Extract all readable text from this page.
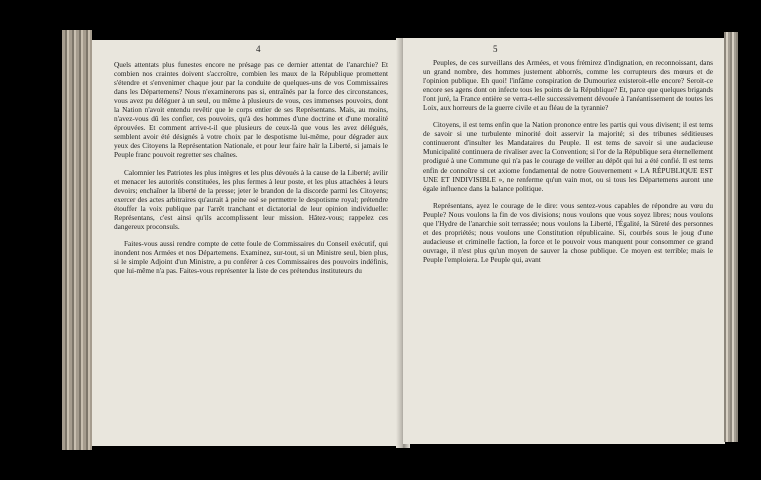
4

Quels attentats plus funestes encore ne présage pas ce dernier attentat de l'anarchie? Et combien nos craintes doivent s'accroître, combien les maux de la République promettent s'étendre et s'envenimer chaque jour par la conduite de quelques-uns de vos Commissaires dans les Départemens? Nous n'examinerons pas si, entraînés par la force des circonstances, vous avez pu déléguer à un seul, ou même à plusieurs de vous, ces immenses pouvoirs, dont la Nation n'avoit entendu revêtir que le corps entier de ses Représentans. Mais, au moins, n'avez-vous dû les confier, ces pouvoirs, qu'à des hommes d'une doctrine et d'une moralité éprouvées. Et comment arrive-t-il que plusieurs de ceux-là que vous les avez délégués, semblent avoir été désignés à votre choix par le despotisme lui-même, pour dégrader aux yeux des Citoyens la Représentation Nationale, et pour leur faire haïr la Liberté, si jamais le Peuple franc pouvoit regretter ses chaînes.

Calomnier les Patriotes les plus intègres et les plus dévoués à la cause de la Liberté; avilir et menacer les autorités constituées, les plus fermes à leur poste, et les plus attachées à leurs devoirs; enchaîner la liberté de la presse; jeter le brandon de la discorde parmi les Citoyens; exercer des actes arbitraires qu'aurait à peine osé se permettre le despotisme royal; prétendre étouffer la voix publique par l'arrêt tranchant et dictatorial de leur opinion individuelle: Représentans, c'est ainsi qu'ils accomplissent leur mission. Hâtez-vous; rappelez ces dangereux proconsuls.

Faites-vous aussi rendre compte de cette foule de Commissaires du Conseil exécutif, qui inondent nos Armées et nos Départemens. Examinez, sur-tout, si un Ministre seul, bien plus, si le simple Adjoint d'un Ministre, a pu conférer à ces Commissaires des pouvoirs indéfinis, que lui-même n'a pas. Faites-vous représenter la liste de ces prétendus instituteurs du

5

Peuples, de ces surveillans des Armées, et vous frémirez d'indignation, en reconnoissant, dans un grand nombre, des hommes justement abhorrés, comme les corrupteurs des mœurs et de l'opinion publique. Eh quoi! l'infâme conspiration de Dumouriez existeroit-elle encore? Seroit-ce encore ses agens dont on infecte tous les points de la République? Et, parce que quelques brigands l'ont juré, la France entière se verra-t-elle successivement dévouée à l'anéantissement de toutes les Loix, aux horreurs de la guerre civile et au fléau de la tyrannie?

Citoyens, il est tems enfin que la Nation prononce entre les partis qui vous divisent; il est tems de savoir si une turbulente minorité doit asservir la majorité; si des tribunes séditieuses continueront d'insulter les Mandataires du Peuple. Il est tems de savoir si une audacieuse Municipalité continuera de rivaliser avec la Convention; si l'or de la République sera éternellement prodigué à une Commune qui n'a pas le courage de veiller au dépôt qui lui a été confié. Il est tems enfin de connoître si cet axiome fondamental de notre Gouvernement « LA RÉPUBLIQUE EST UNE ET INDIVISIBLE », ne renferme qu'un vain mot, ou si tous les Départemens auront une égale influence dans la balance politique.

Représentans, ayez le courage de le dire: vous sentez-vous capables de répondre au vœu du Peuple? Nous voulons la fin de vos divisions; nous voulons que vous soyez libres; nous voulons que l'Hydre de l'anarchie soit terrassée; nous voulons la Liberté, l'Égalité, la Sûreté des personnes et des propriétés; nous voulons une Constitution républicaine. Si, courbés sous le joug d'une audacieuse et criminelle faction, la force et le pouvoir vous manquent pour consommer ce grand ouvrage, il n'est plus qu'un moyen de sauver la chose publique. Ce moyen est terrible; mais le Peuple l'emploiera. Le Peuple qui, avant
